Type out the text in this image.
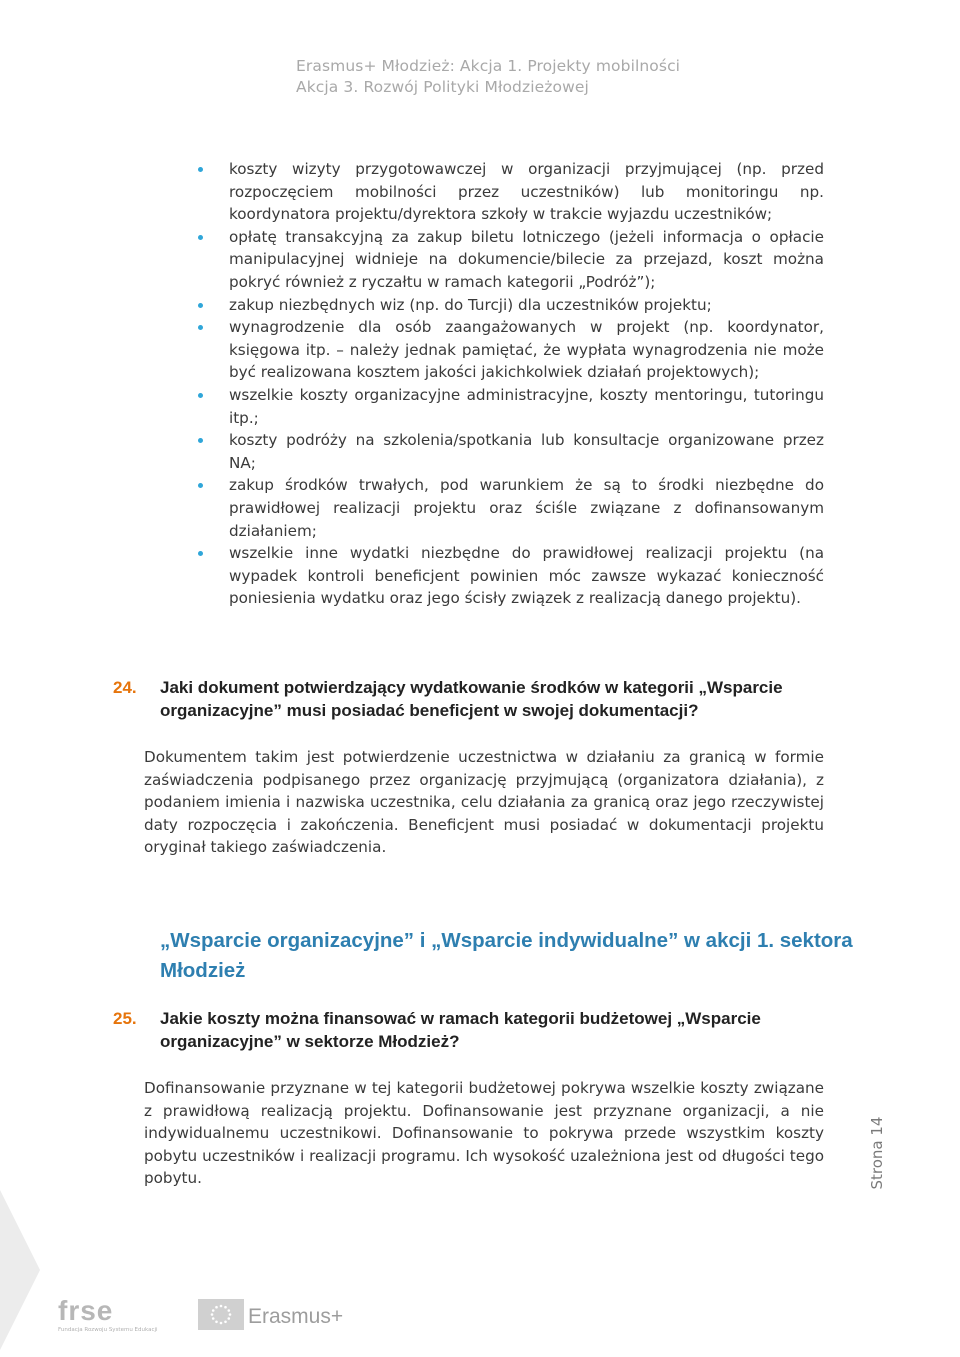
Erasmus+ Młodzież: Akcja 1. Projekty mobilności
Akcja 3. Rozwój Polityki Młodzieżowej
koszty wizyty przygotowawczej w organizacji przyjmującej (np. przed rozpoczęciem mobilności przez uczestników) lub monitoringu np. koordynatora projektu/dyrektora szkoły w trakcie wyjazdu uczestników;
opłatę transakcyjną za zakup biletu lotniczego (jeżeli informacja o opłacie manipulacyjnej widnieje na dokumencie/bilecie za przejazd, koszt można pokryć również z ryczałtu w ramach kategorii „Podróż”);
zakup niezbędnych wiz (np. do Turcji) dla uczestników projektu;
wynagrodzenie dla osób zaangażowanych w projekt (np. koordynator, księgowa itp. – należy jednak pamiętać, że wypłata wynagrodzenia nie może być realizowana kosztem jakości jakichkolwiek działań projektowych);
wszelkie koszty organizacyjne administracyjne, koszty mentoringu, tutoringu itp.;
koszty podróży na szkolenia/spotkania lub konsultacje organizowane przez NA;
zakup środków trwałych, pod warunkiem że są to środki niezbędne do prawidłowej realizacji projektu oraz ściśle związane z dofinansowanym działaniem;
wszelkie inne wydatki niezbędne do prawidłowej realizacji projektu (na wypadek kontroli beneficjent powinien móc zawsze wykazać konieczność poniesienia wydatku oraz jego ścisły związek z realizacją danego projektu).
24. Jaki dokument potwierdzający wydatkowanie środków w kategorii „Wsparcie organizacyjne” musi posiadać beneficjent w swojej dokumentacji?
Dokumentem takim jest potwierdzenie uczestnictwa w działaniu za granicą w formie zaświadczenia podpisanego przez organizację przyjmującą (organizatora działania), z podaniem imienia i nazwiska uczestnika, celu działania za granicą oraz jego rzeczywistej daty rozpoczęcia i zakończenia. Beneficjent musi posiadać w dokumentacji projektu oryginał takiego zaświadczenia.
„Wsparcie organizacyjne” i „Wsparcie indywidualne” w akcji 1. sektora Młodzież
25. Jakie koszty można finansować w ramach kategorii budżetowej „Wsparcie organizacyjne” w sektorze Młodzież?
Dofinansowanie przyznane w tej kategorii budżetowej pokrywa wszelkie koszty związane z prawidłową realizacją projektu. Dofinansowanie jest przyznane organizacji, a nie indywidualnemu uczestnikowi. Dofinansowanie to pokrywa przede wszystkim koszty pobytu uczestników i realizacji programu. Ich wysokość uzależniona jest od długości tego pobytu.	Strona 14
frse
Fundacja Rozwoju Systemu Edukacji
Erasmus+
